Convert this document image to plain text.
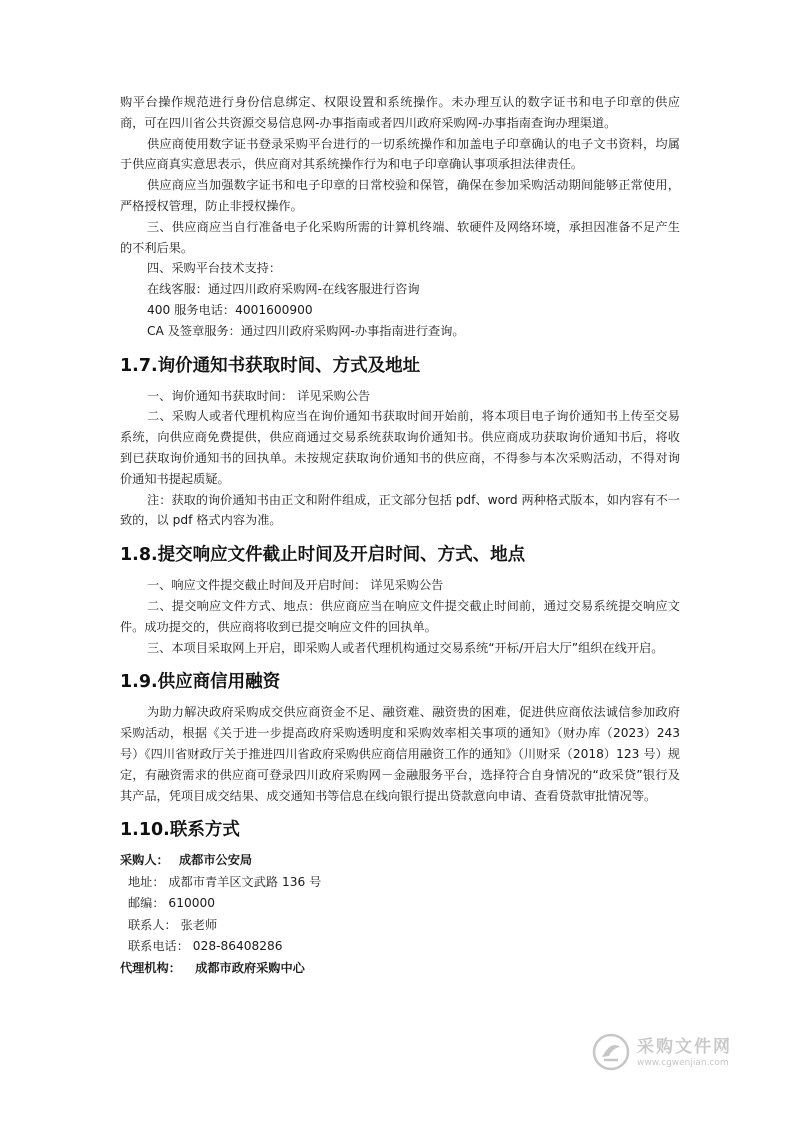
购平台操作规范进行身份信息绑定、权限设置和系统操作。未办理互认的数字证书和电子印章的供应商，可在四川省公共资源交易信息网-办事指南或者四川政府采购网-办事指南查询办理渠道。

供应商使用数字证书登录采购平台进行的一切系统操作和加盖电子印章确认的电子文书资料，均属于供应商真实意思表示，供应商对其系统操作行为和电子印章确认事项承担法律责任。

供应商应当加强数字证书和电子印章的日常校验和保管，确保在参加采购活动期间能够正常使用，严格授权管理，防止非授权操作。

三、供应商应当自行准备电子化采购所需的计算机终端、软硬件及网络环境，承担因准备不足产生的不利后果。

四、采购平台技术支持：

在线客服：通过四川政府采购网-在线客服进行咨询

400 服务电话：4001600900

CA 及签章服务：通过四川政府采购网-办事指南进行查询。

1.7.询价通知书获取时间、方式及地址

一、询价通知书获取时间： 详见采购公告

二、采购人或者代理机构应当在询价通知书获取时间开始前，将本项目电子询价通知书上传至交易系统，向供应商免费提供，供应商通过交易系统获取询价通知书。供应商成功获取询价通知书后，将收到已获取询价通知书的回执单。未按规定获取询价通知书的供应商，不得参与本次采购活动，不得对询价通知书提起质疑。

注：获取的询价通知书由正文和附件组成，正文部分包括 pdf、word 两种格式版本，如内容有不一致的，以 pdf 格式内容为准。

1.8.提交响应文件截止时间及开启时间、方式、地点

一、响应文件提交截止时间及开启时间： 详见采购公告

二、提交响应文件方式、地点：供应商应当在响应文件提交截止时间前，通过交易系统提交响应文件。成功提交的，供应商将收到已提交响应文件的回执单。

三、本项目采取网上开启，即采购人或者代理机构通过交易系统“开标/开启大厅”组织在线开启。

1.9.供应商信用融资

为助力解决政府采购成交供应商资金不足、融资难、融资贵的困难，促进供应商依法诚信参加政府采购活动，根据《关于进一步提高政府采购透明度和采购效率相关事项的通知》（财办库（2023）243 号）《四川省财政厅关于推进四川省政府采购供应商信用融资工作的通知》（川财采（2018）123 号）规定，有融资需求的供应商可登录四川政府采购网－金融服务平台，选择符合自身情况的“政采贷”银行及其产品，凭项目成交结果、成交通知书等信息在线向银行提出贷款意向申请、查看贷款审批情况等。

1.10.联系方式
采购人： 成都市公安局
地址： 成都市青羊区文武路 136 号
邮编： 610000
联系人： 张老师
联系电话： 028-86408286
代理机构： 成都市政府采购中心
采购文件网
www.cgwenjian.com
